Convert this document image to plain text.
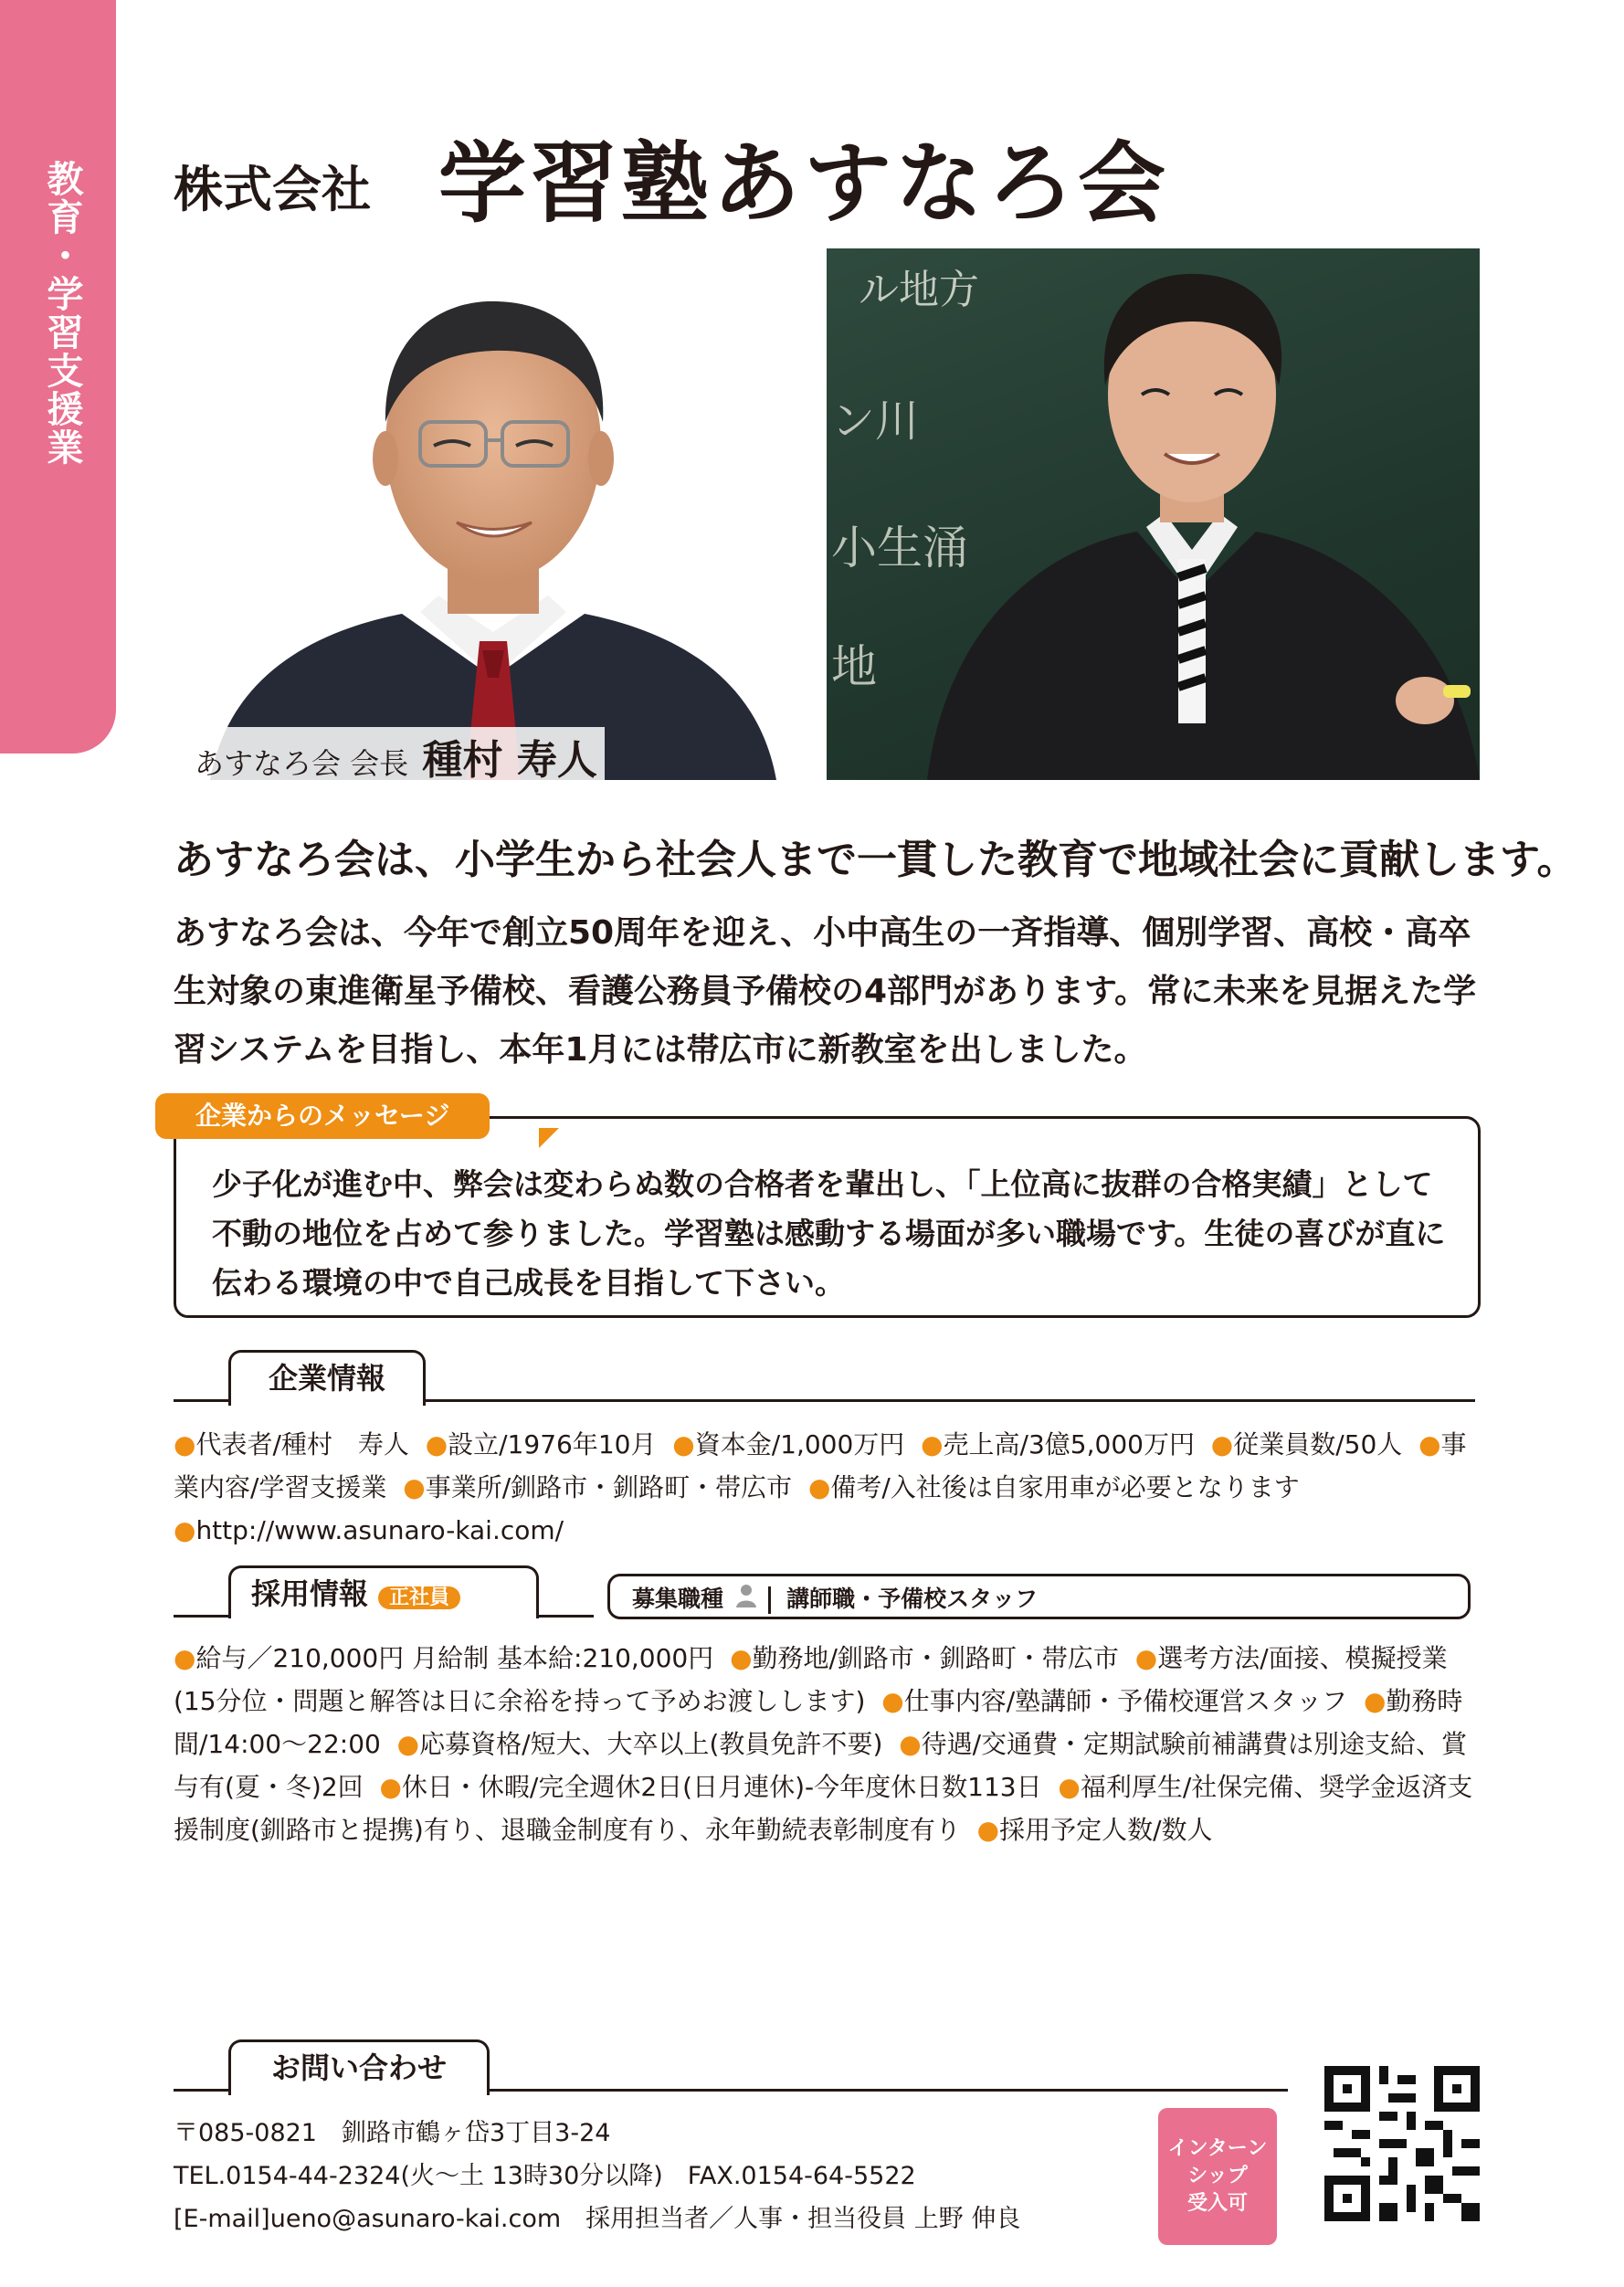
教育・学習支援業 株式会社 学習塾あすなろ会
あすなろ会 会長 種村 寿人
ル地方
ン川
小生涌
地
あすなろ会は、小学生から社会人まで一貫した教育で地域社会に貢献します。
あすなろ会は、今年で創立50周年を迎え、小中高生の一斉指導、個別学習、高校・高卒生対象の東進衛星予備校、看護公務員予備校の4部門があります。常に未来を見据えた学習システムを目指し、本年1月には帯広市に新教室を出しました。
企業からのメッセージ
少子化が進む中、弊会は変わらぬ数の合格者を輩出し、「上位高に抜群の合格実績」として不動の地位を占めて参りました。学習塾は感動する場面が多い職場です。生徒の喜びが直に伝わる環境の中で自己成長を目指して下さい。
企業情報
●代表者/種村　寿人 ●設立/1976年10月 ●資本金/1,000万円 ●売上高/3億5,000万円 ●従業員数/50人 ●事業内容/学習支援業 ●事業所/釧路市・釧路町・帯広市 ●備考/入社後は自家用車が必要となります  ●http://www.asunaro-kai.com/
採用情報 正社員	募集職種	講師職・予備校スタッフ
●給与／210,000円 月給制 基本給:210,000円 ●勤務地/釧路市・釧路町・帯広市 ●選考方法/面接、模擬授業(15分位・問題と解答は日に余裕を持って予めお渡しします) ●仕事内容/塾講師・予備校運営スタッフ ●勤務時間/14:00〜22:00 ●応募資格/短大、大卒以上(教員免許不要) ●待遇/交通費・定期試験前補講費は別途支給、賞与有(夏・冬)2回 ●休日・休暇/完全週休2日(日月連休)-今年度休日数113日 ●福利厚生/社保完備、奨学金返済支援制度(釧路市と提携)有り、退職金制度有り、永年勤続表彰制度有り ●採用予定人数/数人
お問い合わせ
〒085-0821　釧路市鶴ヶ岱3丁目3-24
TEL.0154-44-2324(火〜土 13時30分以降)　FAX.0154-64-5522
[E-mail]ueno@asunaro-kai.com　採用担当者／人事・担当役員 上野 伸良
インターン
シップ
受入可
